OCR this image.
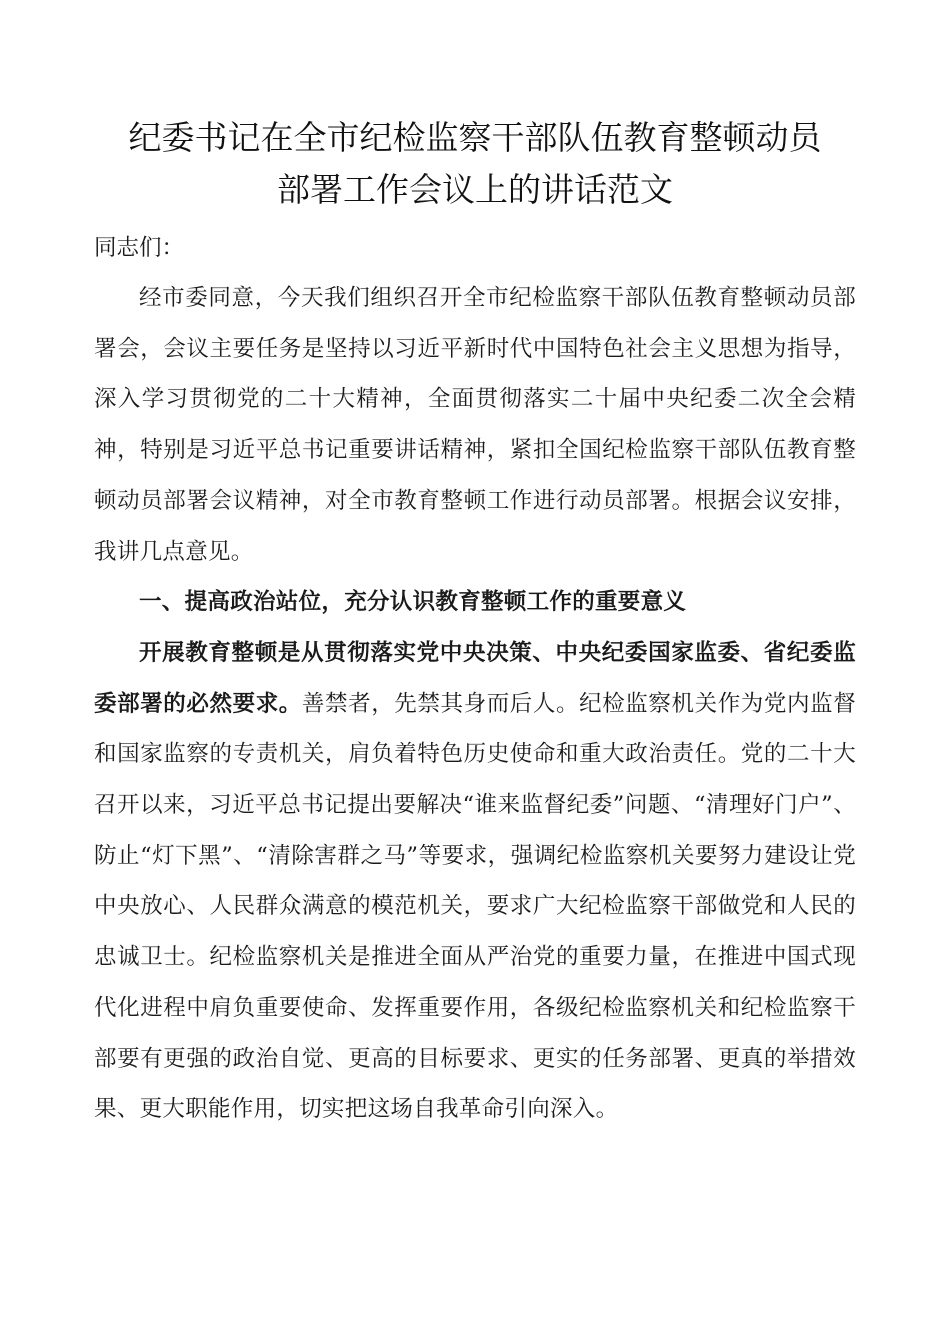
纪委书记在全市纪检监察干部队伍教育整顿动员
部署工作会议上的讲话范文

同志们：

经市委同意，今天我们组织召开全市纪检监察干部队伍教育整顿动员部署会，会议主要任务是坚持以习近平新时代中国特色社会主义思想为指导，深入学习贯彻党的二十大精神，全面贯彻落实二十届中央纪委二次全会精神，特别是习近平总书记重要讲话精神，紧扣全国纪检监察干部队伍教育整顿动员部署会议精神，对全市教育整顿工作进行动员部署。根据会议安排，我讲几点意见。

一、提高政治站位，充分认识教育整顿工作的重要意义

开展教育整顿是从贯彻落实党中央决策、中央纪委国家监委、省纪委监委部署的必然要求。善禁者，先禁其身而后人。纪检监察机关作为党内监督和国家监察的专责机关，肩负着特色历史使命和重大政治责任。党的二十大召开以来，习近平总书记提出要解决“谁来监督纪委”问题、“清理好门户”、防止“灯下黑”、“清除害群之马”等要求，强调纪检监察机关要努力建设让党中央放心、人民群众满意的模范机关，要求广大纪检监察干部做党和人民的忠诚卫士。纪检监察机关是推进全面从严治党的重要力量，在推进中国式现代化进程中肩负重要使命、发挥重要作用，各级纪检监察机关和纪检监察干部要有更强的政治自觉、更高的目标要求、更实的任务部署、更真的举措效果、更大职能作用，切实把这场自我革命引向深入。
